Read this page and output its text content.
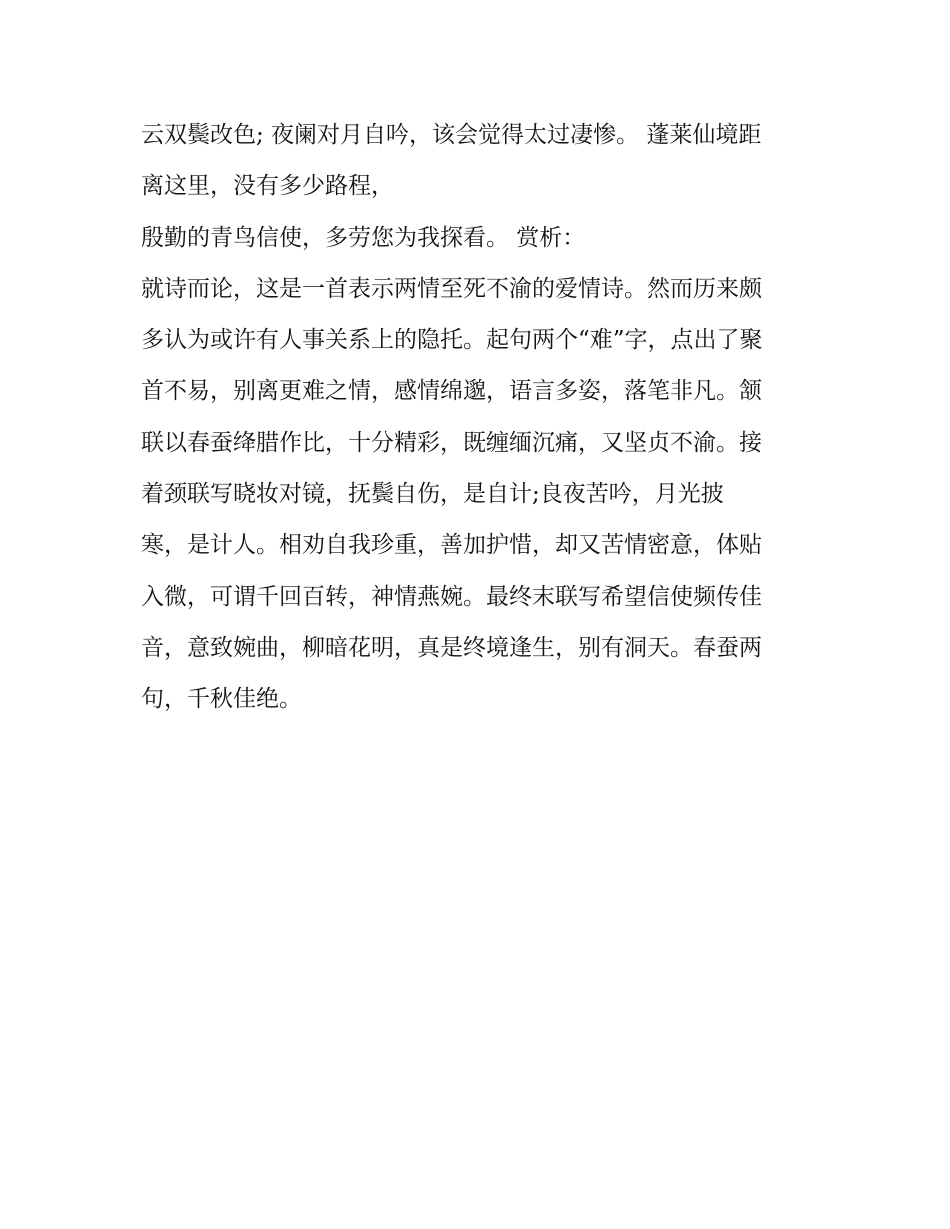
云双鬓改色; 夜阑对月自吟，该会觉得太过凄惨。 蓬莱仙境距
离这里，没有多少路程，
殷勤的青鸟信使，多劳您为我探看。 赏析：
就诗而论，这是一首表示两情至死不渝的爱情诗。然而历来颇
多认为或许有人事关系上的隐托。起句两个“难”字，点出了聚
首不易，别离更难之情，感情绵邈，语言多姿，落笔非凡。颔
联以春蚕绛腊作比，十分精彩，既缠缅沉痛，又坚贞不渝。接
着颈联写晓妆对镜，抚鬓自伤，是自计;良夜苦吟，月光披
寒，是计人。相劝自我珍重，善加护惜，却又苦情密意，体贴
入微，可谓千回百转，神情燕婉。最终末联写希望信使频传佳
音，意致婉曲，柳暗花明，真是终境逢生，别有洞天。春蚕两
句，千秋佳绝。
